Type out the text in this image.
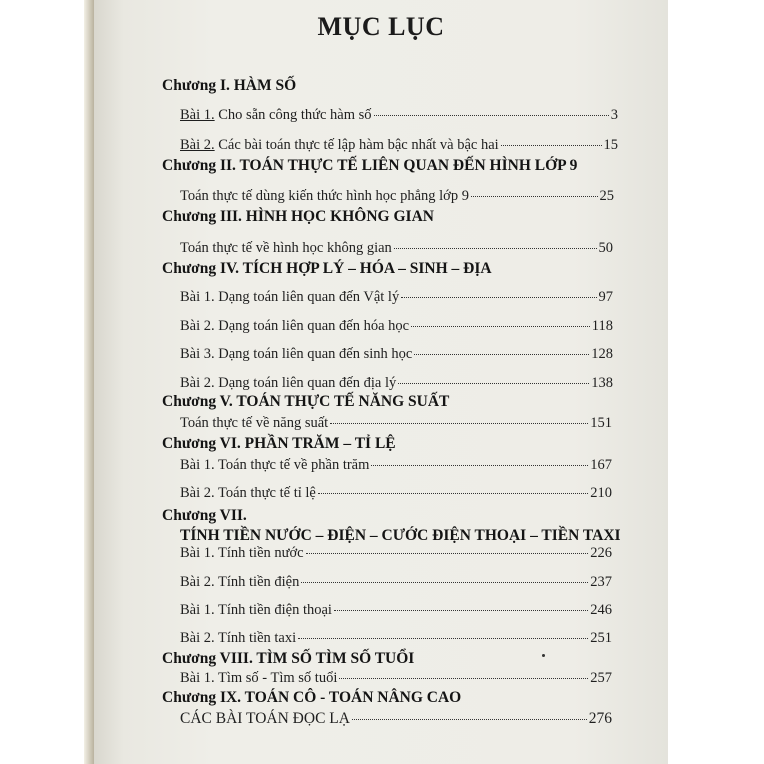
MỤC LỤC
Chương I. HÀM SỐ
Bài 1. Cho sẵn công thức hàm số	3
Bài 2. Các bài toán thực tế lập hàm bậc nhất và bậc hai	15
Chương II. TOÁN THỰC TẾ LIÊN QUAN ĐẾN HÌNH LỚP 9
Toán thực tế dùng kiến thức hình học phẳng lớp 9	25
Chương III. HÌNH HỌC KHÔNG GIAN
Toán thực tế về hình học không gian	50
Chương IV. TÍCH HỢP LÝ – HÓA – SINH – ĐỊA
Bài 1. Dạng toán liên quan đến Vật lý	97
Bài 2. Dạng toán liên quan đến hóa học	118
Bài 3. Dạng toán liên quan đến sinh học	128
Bài 2. Dạng toán liên quan đến địa lý	138
Chương V. TOÁN THỰC TẾ NĂNG SUẤT
Toán thực tế về năng suất	151
Chương VI. PHẦN TRĂM – TỈ LỆ
Bài 1. Toán thực tế về phần trăm	167
Bài 2. Toán thực tế tỉ lệ	210
Chương VII.
TÍNH TIỀN NƯỚC – ĐIỆN – CƯỚC ĐIỆN THOẠI – TIỀN TAXI
Bài 1. Tính tiền nước	226
Bài 2. Tính tiền điện	237
Bài 1. Tính tiền điện thoại	246
Bài 2. Tính tiền taxi	251
Chương VIII. TÌM SỐ TÌM SỐ TUỔI
Bài 1. Tìm số - Tìm số tuổi	257
Chương IX. TOÁN CÔ - TOÁN NÂNG CAO
CÁC BÀI TOÁN ĐỌC LẠ	276
